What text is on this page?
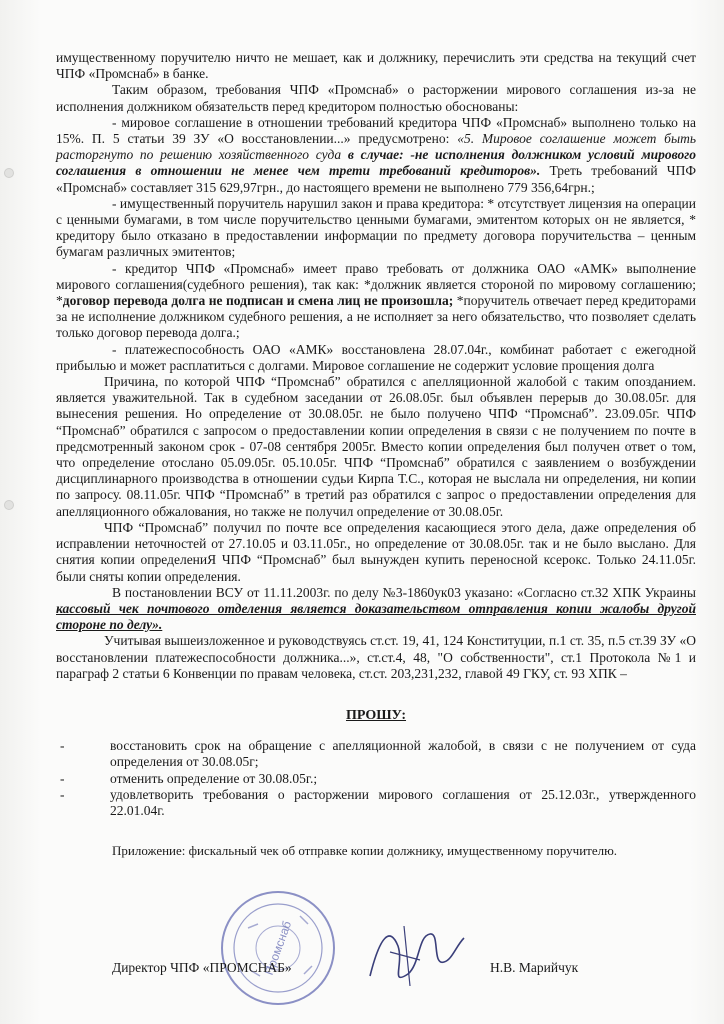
имущественному поручителю ничто не мешает, как и должнику, перечислить эти средства на текущий счет ЧПФ «Промснаб» в банке.

Таким образом, требования ЧПФ «Промснаб» о расторжении мирового соглашения из-за не исполнения должником обязательств перед кредитором полностью обоснованы:

- мировое соглашение в отношении требований кредитора ЧПФ «Промснаб» выполнено только на 15%. П. 5 статьи 39 ЗУ «О восстановлении...» предусмотрено: «5. Мировое соглашение может быть расторгнуто по решению хозяйственного суда в случае: -не исполнения должником условий мирового соглашения в отношении не менее чем трети требований кредиторов». Треть требований ЧПФ «Промснаб» составляет 315 629,97грн., до настоящего времени не выполнено 779 356,64грн.;

- имущественный поручитель нарушил закон и права кредитора: * отсутствует лицензия на операции с ценными бумагами, в том числе поручительство ценными бумагами, эмитентом которых он не является, * кредитору было отказано в предоставлении информации по предмету договора поручительства – ценным бумагам различных эмитентов;

- кредитор ЧПФ «Промснаб» имеет право требовать от должника ОАО «АМК» выполнение мирового соглашения(судебного решения), так как: *должник является стороной по мировому соглашению; *договор перевода долга не подписан и смена лиц не произошла; *поручитель отвечает перед кредиторами за не исполнение должником судебного решения, а не исполняет за него обязательство, что позволяет сделать только договор перевода долга.;

- платежеспособность ОАО «АМК» восстановлена 28.07.04г., комбинат работает с ежегодной прибылью и может расплатиться с долгами. Мировое соглашение не содержит условие прощения долга

Причина, по которой ЧПФ “Промснаб” обратился с апелляционной жалобой с таким опозданием. является уважительной. Так в судебном заседании от 26.08.05г. был объявлен перерыв до 30.08.05г. для вынесения решения. Но определение от 30.08.05г. не было получено ЧПФ “Промснаб”. 23.09.05г. ЧПФ “Промснаб” обратился с запросом о предоставлении копии определения в связи с не получением по почте в предсмотренный законом срок - 07-08 сентября 2005г. Вместо копии определения был получен ответ о том, что определение отослано 05.09.05г. 05.10.05г. ЧПФ “Промснаб” обратился с заявлением о возбуждении дисциплинарного производства в отношении судьи Кирпа Т.С., которая не выслала ни определения, ни копии по запросу. 08.11.05г. ЧПФ “Промснаб” в третий раз обратился с запрос о предоставлении определения для апелляционного обжалования, но также не получил определение от 30.08.05г.

ЧПФ “Промснаб” получил по почте все определения касающиеся этого дела, даже определения об исправлении неточностей от 27.10.05 и 03.11.05г., но определение от 30.08.05г. так и не было выслано. Для снятия копии определениЯ ЧПФ “Промснаб” был вынужден купить переносной ксерокс. Только 24.11.05г. были сняты копии определения.

В постановлении ВСУ от 11.11.2003г. по делу №3-1860ук03 указано: «Согласно ст.32 ХПК Украины кассовый чек почтового отделения является доказательством отправления копии жалобы другой стороне по делу».

Учитывая вышеизложенное и руководствуясь ст.ст. 19, 41, 124 Конституции, п.1 ст. 35, п.5 ст.39 ЗУ «О восстановлении платежеспособности должника...», ст.ст.4, 48, "О собственности", ст.1 Протокола №1 и параграф 2 статьи 6 Конвенции по правам человека, ст.ст. 203,231,232, главой 49 ГКУ, ст. 93 ХПК –

ПРОШУ:

- восстановить срок на обращение с апелляционной жалобой, в связи с не получением от суда определения от 30.08.05г;
- отменить определение от 30.08.05г.;
- удовлетворить требования о расторжении мирового соглашения от 25.12.03г., утвержденного 22.01.04г.

Приложение: фискальный чек об отправке копии должнику, имущественному поручителю.

Промснаб
Директор ЧПФ «ПРОМСНАБ»	Н.В. Марийчук
